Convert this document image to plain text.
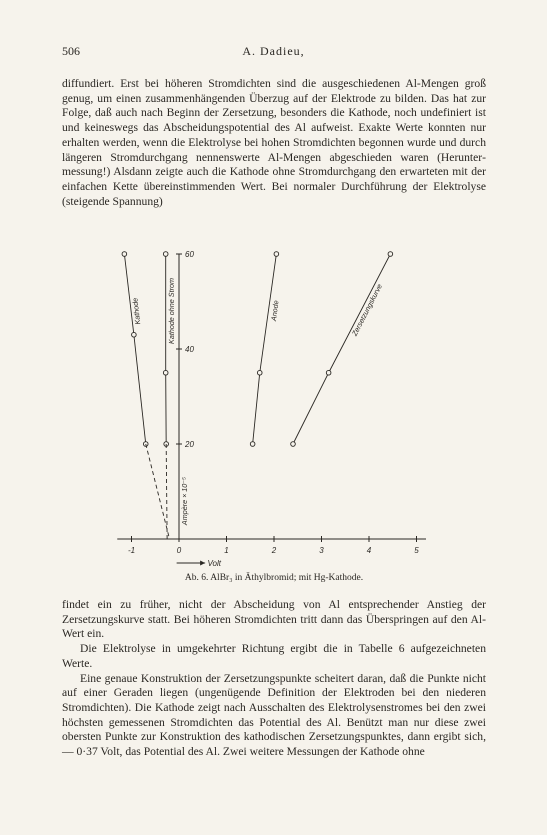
506	A. Dadieu,

diffundiert. Erst bei höheren Stromdichten sind die ausgeschiedenen Al-Mengen groß genug, um einen zusammenhängenden Überzug auf der Elektrode zu bilden. Das hat zur Folge, daß auch nach Beginn der Zersetzung, besonders die Kathode, noch undefiniert ist und keineswegs das Abscheidungspotential des Al aufweist. Exakte Werte konnten nur erhalten werden, wenn die Elektrolyse bei hohen Stromdichten begonnen wurde und durch längeren Stromdurchgang nennenswerte Al-Mengen abgeschieden waren (Heruntermessung!) Alsdann zeigte auch die Kathode ohne Stromdurchgang den erwarteten mit der einfachen Kette übereinstimmenden Wert. Bei normaler Durchführung der Elektrolyse (steigende Spannung)

-1	0	1	2	3	4	5
20
40
60
Volt
Ampère × 10⁻⁵
Kathode	Kathode ohne Strom	Anode	Zersetzungskurve
Ab. 6. AlBr₃ in Äthylbromid; mit Hg-Kathode.

findet ein zu früher, nicht der Abscheidung von Al entsprechender Anstieg der Zersetzungskurve statt. Bei höheren Stromdichten tritt dann das Überspringen auf den Al-Wert ein.

Die Elektrolyse in umgekehrter Richtung ergibt die in Tabelle 6 aufgezeichneten Werte.

Eine genaue Konstruktion der Zersetzungspunkte scheitert daran, daß die Punkte nicht auf einer Geraden liegen (ungenügende Definition der Elektroden bei den niederen Stromdichten). Die Kathode zeigt nach Ausschalten des Elektrolysenstromes bei den zwei höchsten gemessenen Stromdichten das Potential des Al. Benützt man nur diese zwei obersten Punkte zur Konstruktion des kathodischen Zersetzungspunktes, dann ergibt sich, — 0·37 Volt, das Potential des Al. Zwei weitere Messungen der Kathode ohne
